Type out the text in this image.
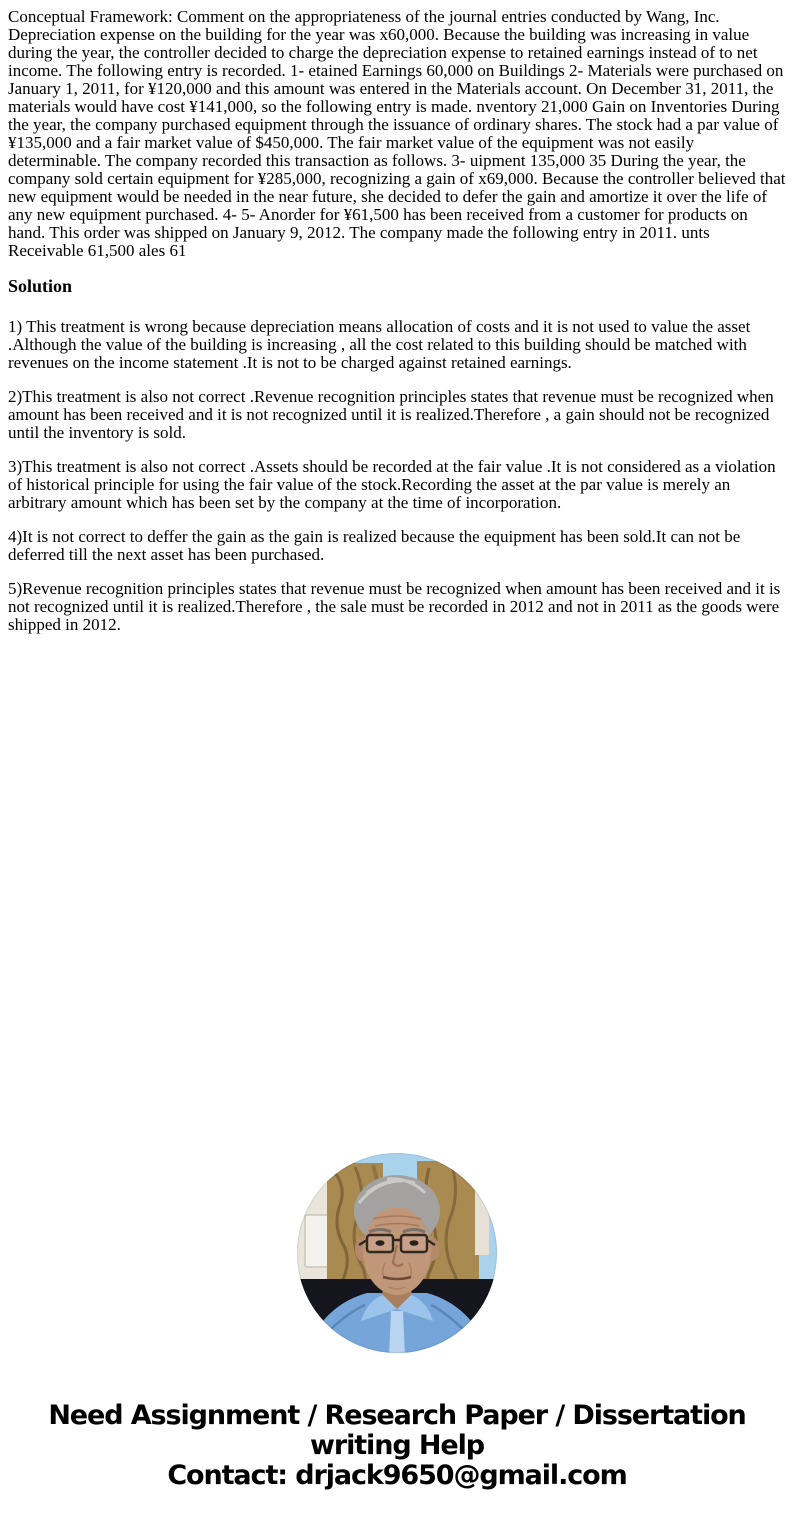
Conceptual Framework: Comment on the appropriateness of the journal entries conducted by Wang, Inc. Depreciation expense on the building for the year was x60,000. Because the building was increasing in value during the year, the controller decided to charge the depreciation expense to retained earnings instead of to net income. The following entry is recorded. 1- etained Earnings 60,000 on Buildings 2- Materials were purchased on January 1, 2011, for ¥120,000 and this amount was entered in the Materials account. On December 31, 2011, the materials would have cost ¥141,000, so the following entry is made. nventory 21,000 Gain on Inventories During the year, the company purchased equipment through the issuance of ordinary shares. The stock had a par value of ¥135,000 and a fair market value of $450,000. The fair market value of the equipment was not easily determinable. The company recorded this transaction as follows. 3- uipment 135,000 35 During the year, the company sold certain equipment for ¥285,000, recognizing a gain of x69,000. Because the controller believed that new equipment would be needed in the near future, she decided to defer the gain and amortize it over the life of any new equipment purchased. 4- 5- Anorder for ¥61,500 has been received from a customer for products on hand. This order was shipped on January 9, 2012. The company made the following entry in 2011. unts Receivable 61,500 ales 61

Solution

1) This treatment is wrong because depreciation means allocation of costs and it is not used to value the asset .Although the value of the building is increasing , all the cost related to this building should be matched with revenues on the income statement .It is not to be charged against retained earnings.

2)This treatment is also not correct .Revenue recognition principles states that revenue must be recognized when amount has been received and it is not recognized until it is realized.Therefore , a gain should not be recognized until the inventory is sold.

3)This treatment is also not correct .Assets should be recorded at the fair value .It is not considered as a violation of historical principle for using the fair value of the stock.Recording the asset at the par value is merely an arbitrary amount which has been set by the company at the time of incorporation.

4)It is not correct to deffer the gain as the gain is realized because the equipment has been sold.It can not be deferred till the next asset has been purchased.

5)Revenue recognition principles states that revenue must be recognized when amount has been received and it is not recognized until it is realized.Therefore , the sale must be recorded in 2012 and not in 2011 as the goods were shipped in 2012.

Need Assignment / Research Paper / Dissertation writing Help
Contact: drjack9650@gmail.com
